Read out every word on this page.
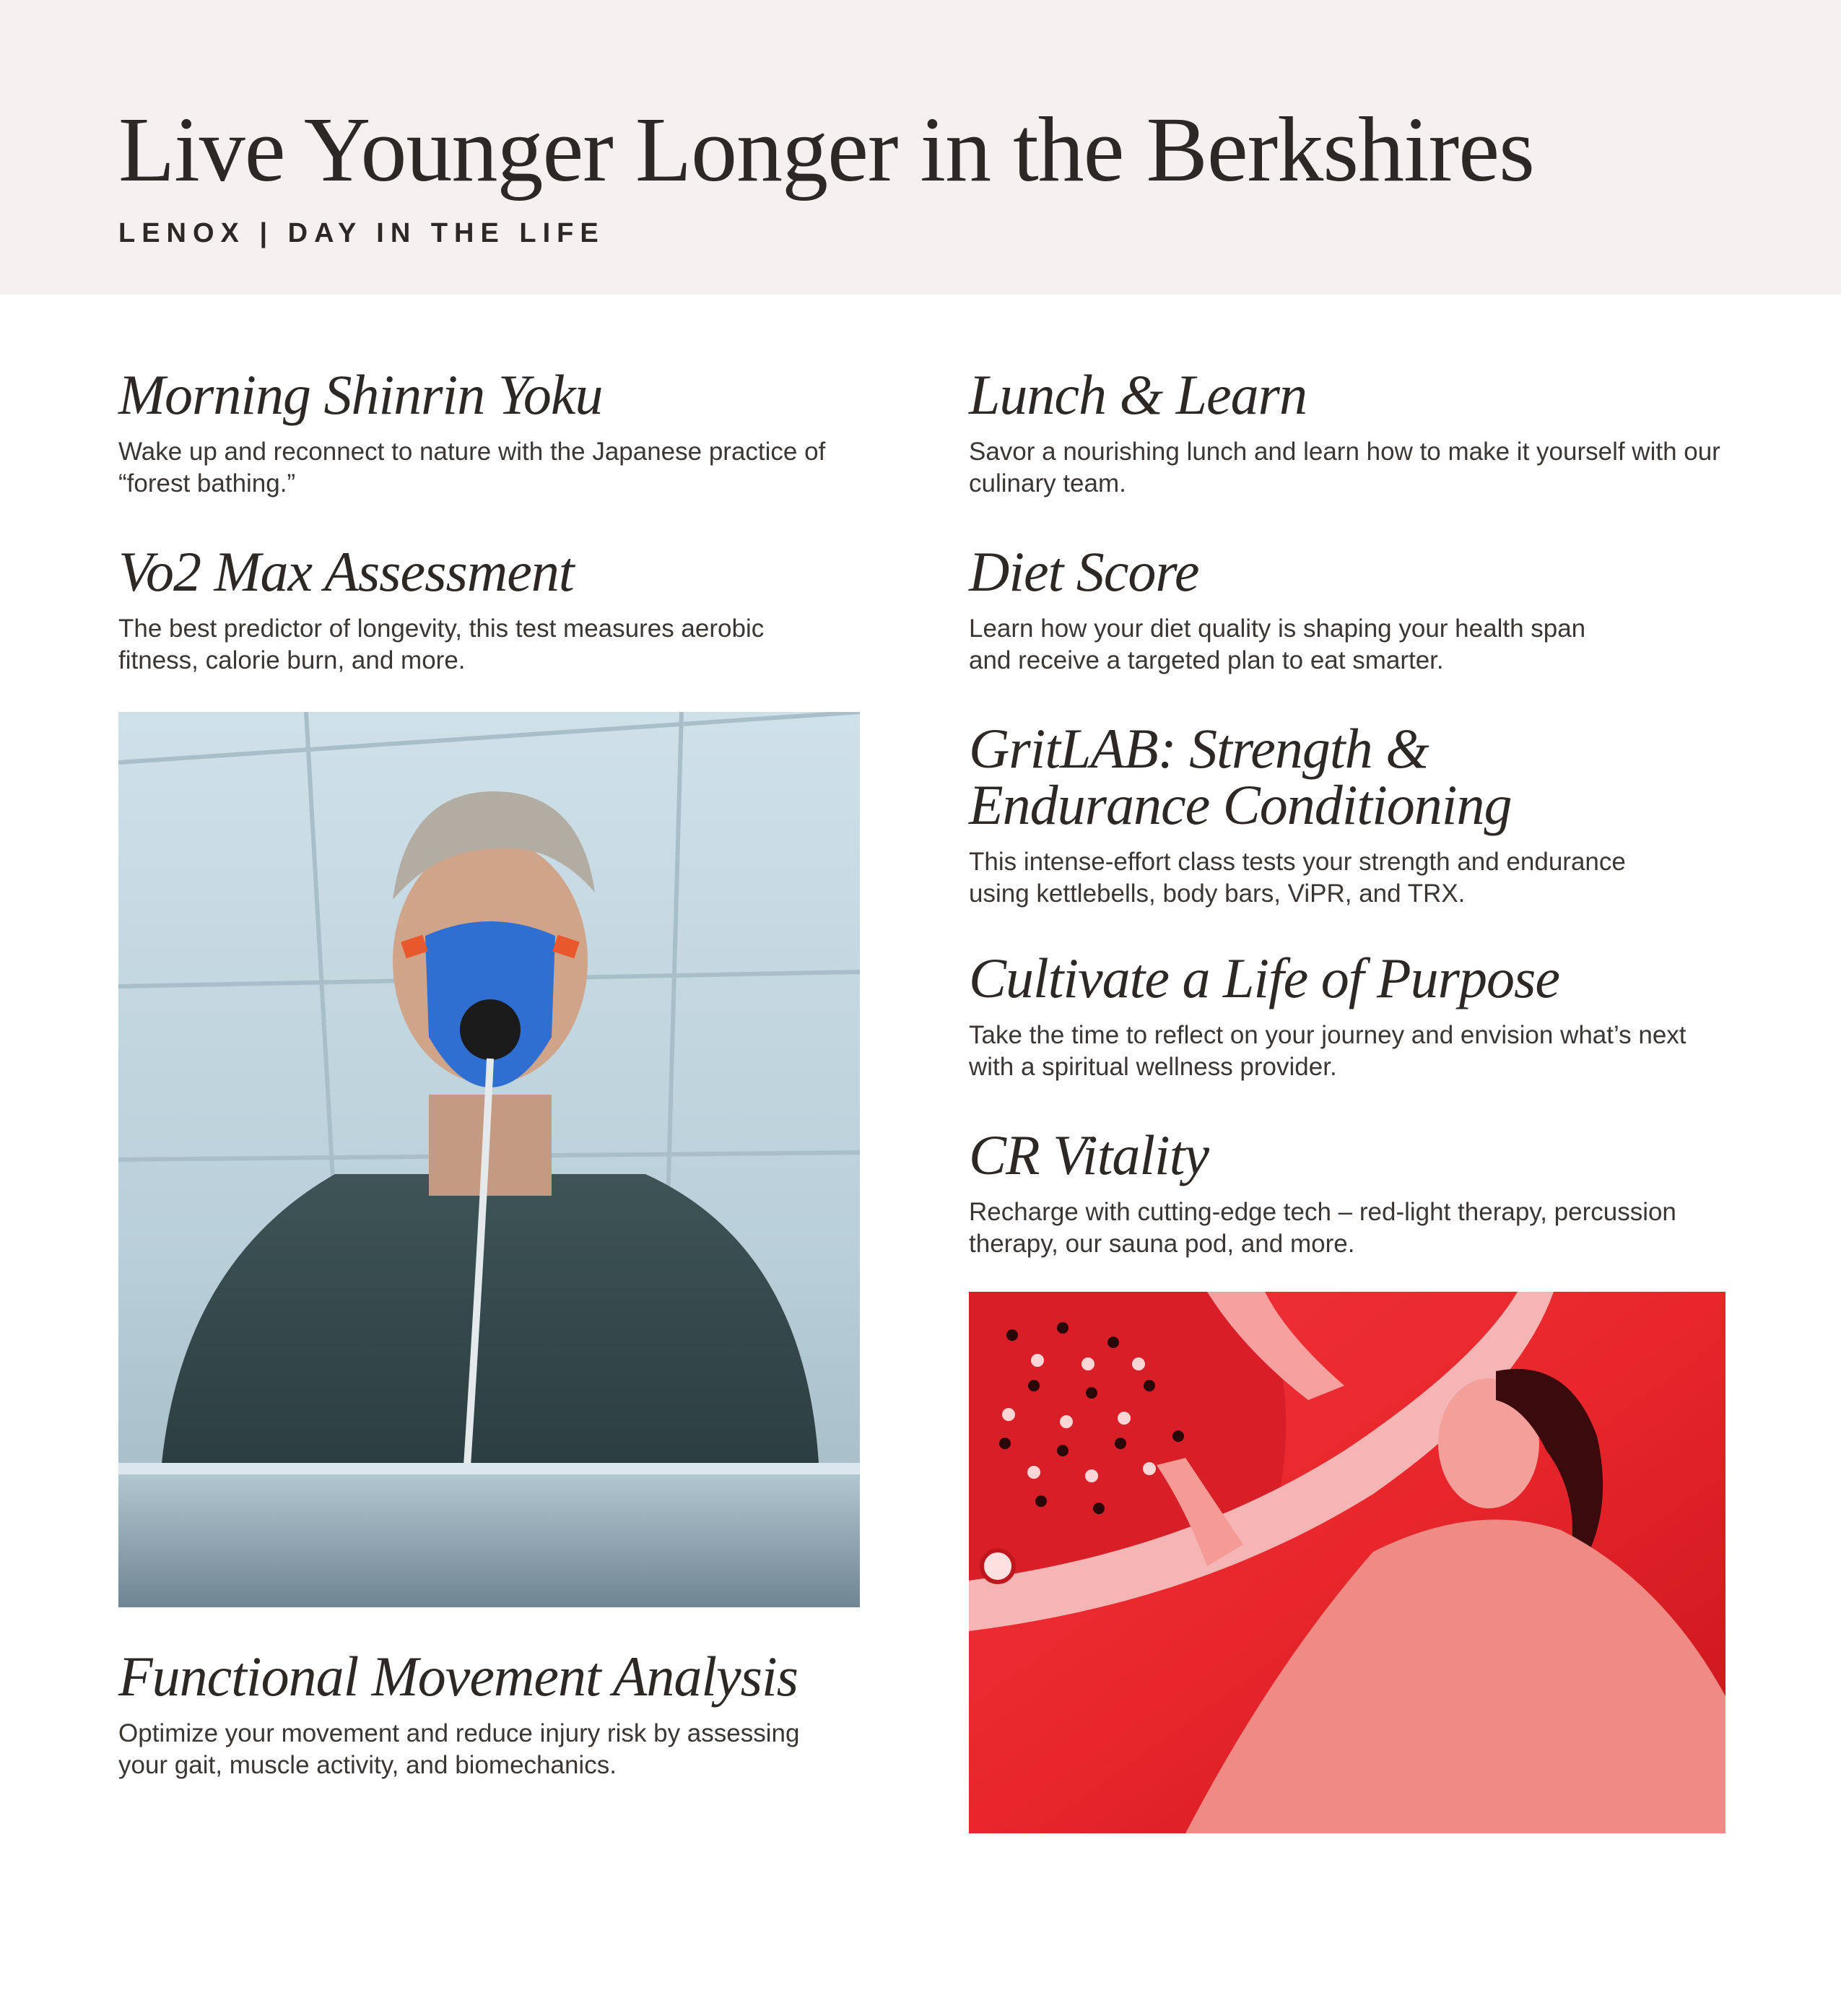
Live Younger Longer in the Berkshires
LENOX | DAY IN THE LIFE
Morning Shinrin Yoku

Wake up and reconnect to nature with the Japanese practice of “forest bathing.”

Vo2 Max Assessment

The best predictor of longevity, this test measures aerobic fitness, calorie burn, and more.

Functional Movement Analysis

Optimize your movement and reduce injury risk by assessing your gait, muscle activity, and biomechanics.

Lunch & Learn

Savor a nourishing lunch and learn how to make it yourself with our culinary team.

Diet Score

Learn how your diet quality is shaping your health span and receive a targeted plan to eat smarter.

GritLAB: Strength & Endurance Conditioning

This intense-effort class tests your strength and endurance using kettlebells, body bars, ViPR, and TRX.

Cultivate a Life of Purpose

Take the time to reflect on your journey and envision what’s next with a spiritual wellness provider.

CR Vitality

Recharge with cutting-edge tech – red-light therapy, percussion therapy, our sauna pod, and more.
